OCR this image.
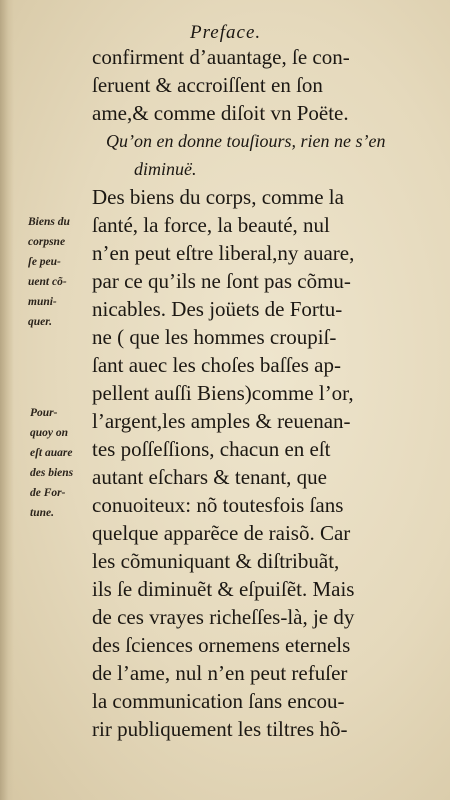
Preface.
Biens du
corpsne
ſe peu-
uent cõ-
muni-
quer.
Pour-
quoy on
eſt auare
des biens
de For-
tune.
confirment d’auantage, ſe con-
ſeruent & accroiſſent en ſon
ame,& comme diſoit vn Poëte.
Qu’on en donne touſiours, rien ne s’en
diminuë.
Des biens du corps, comme la
ſanté, la force, la beauté, nul
n’en peut eſtre liberal,ny auare,
par ce qu’ils ne ſont pas cõmu-
nicables. Des joüets de Fortu-
ne ( que les hommes croupiſ-
ſant auec les choſes baſſes ap-
pellent auſſi Biens)comme l’or,
l’argent,les amples & reuenan-
tes poſſeſſions, chacun en eſt
autant eſchars & tenant, que
conuoiteux: nõ toutesfois ſans
quelque apparẽce de raisõ. Car
les cõmuniquant & diſtribuãt,
ils ſe diminuẽt & eſpuiſẽt. Mais
de ces vrayes richeſſes-là, je dy
des ſciences ornemens eternels
de l’ame, nul n’en peut refuſer
la communication ſans encou-
rir publiquement les tiltres hõ-
